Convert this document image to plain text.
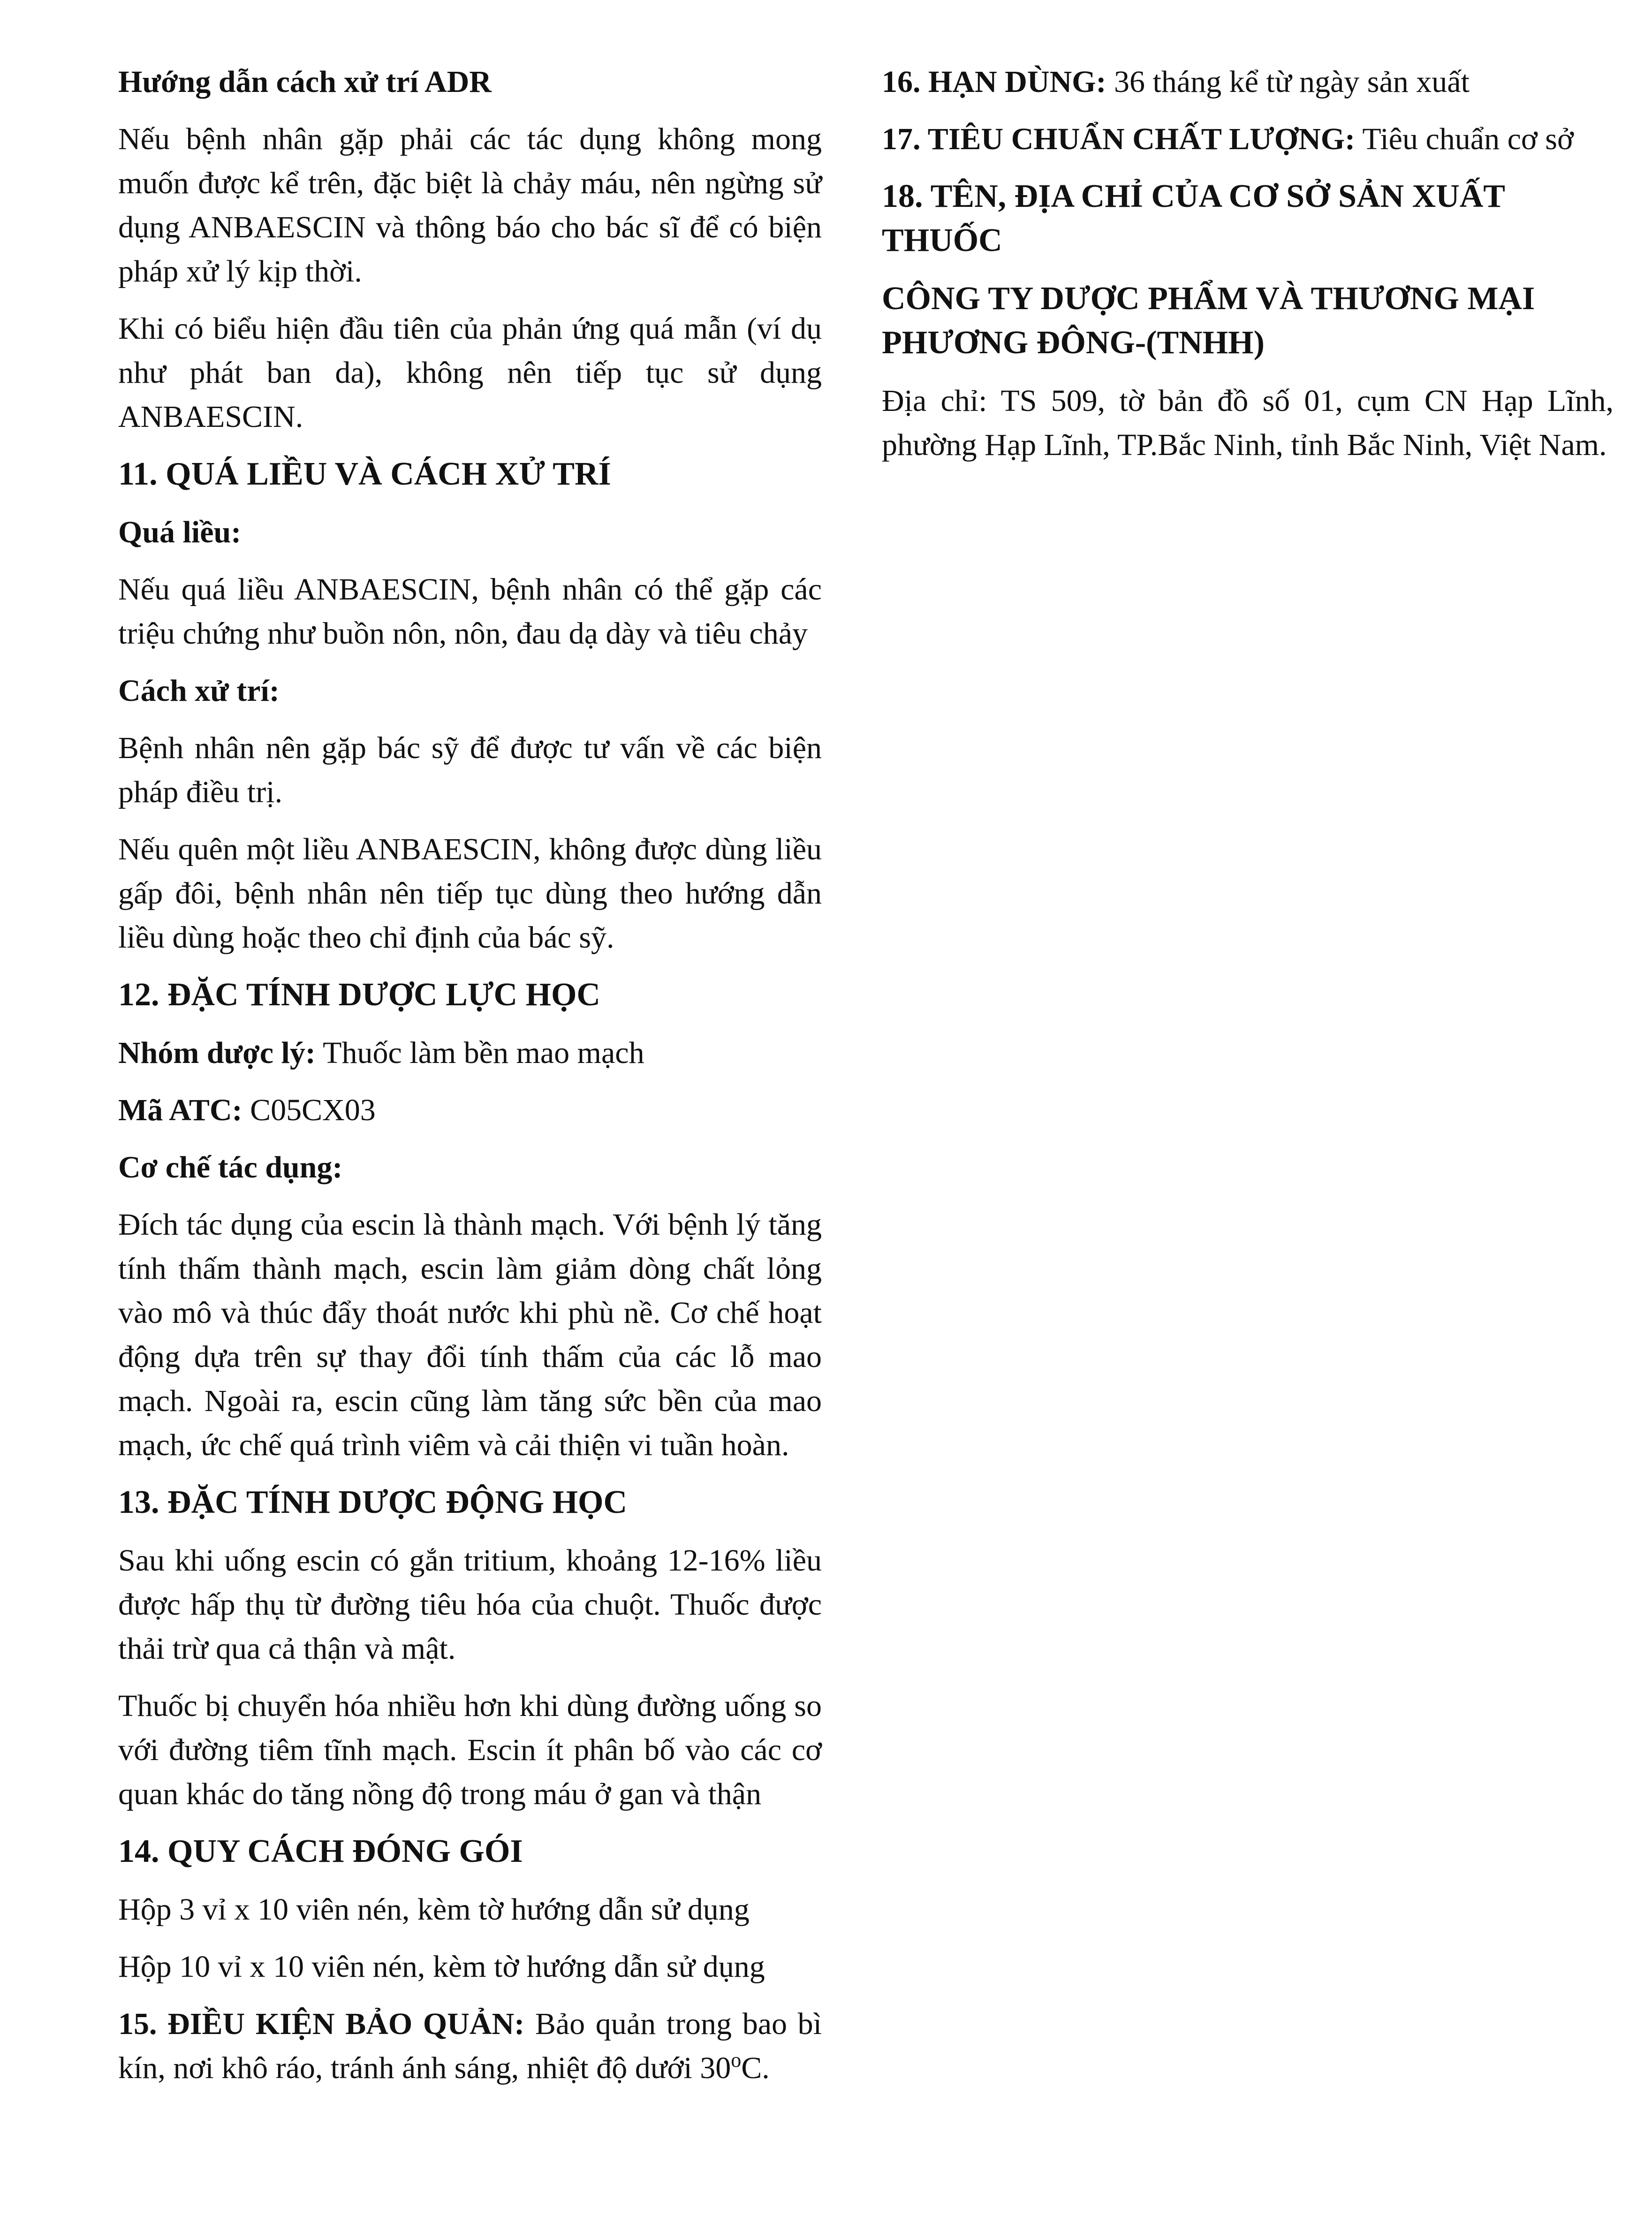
Hướng dẫn cách xử trí ADR
Nếu bệnh nhân gặp phải các tác dụng không mong muốn được kể trên, đặc biệt là chảy máu, nên ngừng sử dụng ANBAESCIN và thông báo cho bác sĩ để có biện pháp xử lý kịp thời.
Khi có biểu hiện đầu tiên của phản ứng quá mẫn (ví dụ như phát ban da), không nên tiếp tục sử dụng ANBAESCIN.
11. QUÁ LIỀU VÀ CÁCH XỬ TRÍ
Quá liều:
Nếu quá liều ANBAESCIN, bệnh nhân có thể gặp các triệu chứng như buồn nôn, nôn, đau dạ dày và tiêu chảy
Cách xử trí:
Bệnh nhân nên gặp bác sỹ để được tư vấn về các biện pháp điều trị.
Nếu quên một liều ANBAESCIN, không được dùng liều gấp đôi, bệnh nhân nên tiếp tục dùng theo hướng dẫn liều dùng hoặc theo chỉ định của bác sỹ.
12. ĐẶC TÍNH DƯỢC LỰC HỌC
Nhóm dược lý: Thuốc làm bền mao mạch
Mã ATC: C05CX03
Cơ chế tác dụng:
Đích tác dụng của escin là thành mạch. Với bệnh lý tăng tính thấm thành mạch, escin làm giảm dòng chất lỏng vào mô và thúc đẩy thoát nước khi phù nề. Cơ chế hoạt động dựa trên sự thay đổi tính thấm của các lỗ mao mạch. Ngoài ra, escin cũng làm tăng sức bền của mao mạch, ức chế quá trình viêm và cải thiện vi tuần hoàn.
13. ĐẶC TÍNH DƯỢC ĐỘNG HỌC
Sau khi uống escin có gắn tritium, khoảng 12-16% liều được hấp thụ từ đường tiêu hóa của chuột. Thuốc được thải trừ qua cả thận và mật.
Thuốc bị chuyển hóa nhiều hơn khi dùng đường uống so với đường tiêm tĩnh mạch. Escin ít phân bố vào các cơ quan khác do tăng nồng độ trong máu ở gan và thận
14. QUY CÁCH ĐÓNG GÓI
Hộp 3 vỉ x 10 viên nén, kèm tờ hướng dẫn sử dụng
Hộp 10 vỉ x 10 viên nén, kèm tờ hướng dẫn sử dụng
15. ĐIỀU KIỆN BẢO QUẢN: Bảo quản trong bao bì kín, nơi khô ráo, tránh ánh sáng, nhiệt độ dưới 30$^o$C.
16. HẠN DÙNG: 36 tháng kể từ ngày sản xuất
17. TIÊU CHUẨN CHẤT LƯỢNG: Tiêu chuẩn cơ sở
18. TÊN, ĐỊA CHỈ CỦA CƠ SỞ SẢN XUẤT THUỐC
CÔNG TY DƯỢC PHẨM VÀ THƯƠNG MẠI PHƯƠNG ĐÔNG-(TNHH)
Địa chỉ: TS 509, tờ bản đồ số 01, cụm CN Hạp Lĩnh, phường Hạp Lĩnh, TP.Bắc Ninh, tỉnh Bắc Ninh, Việt Nam.
